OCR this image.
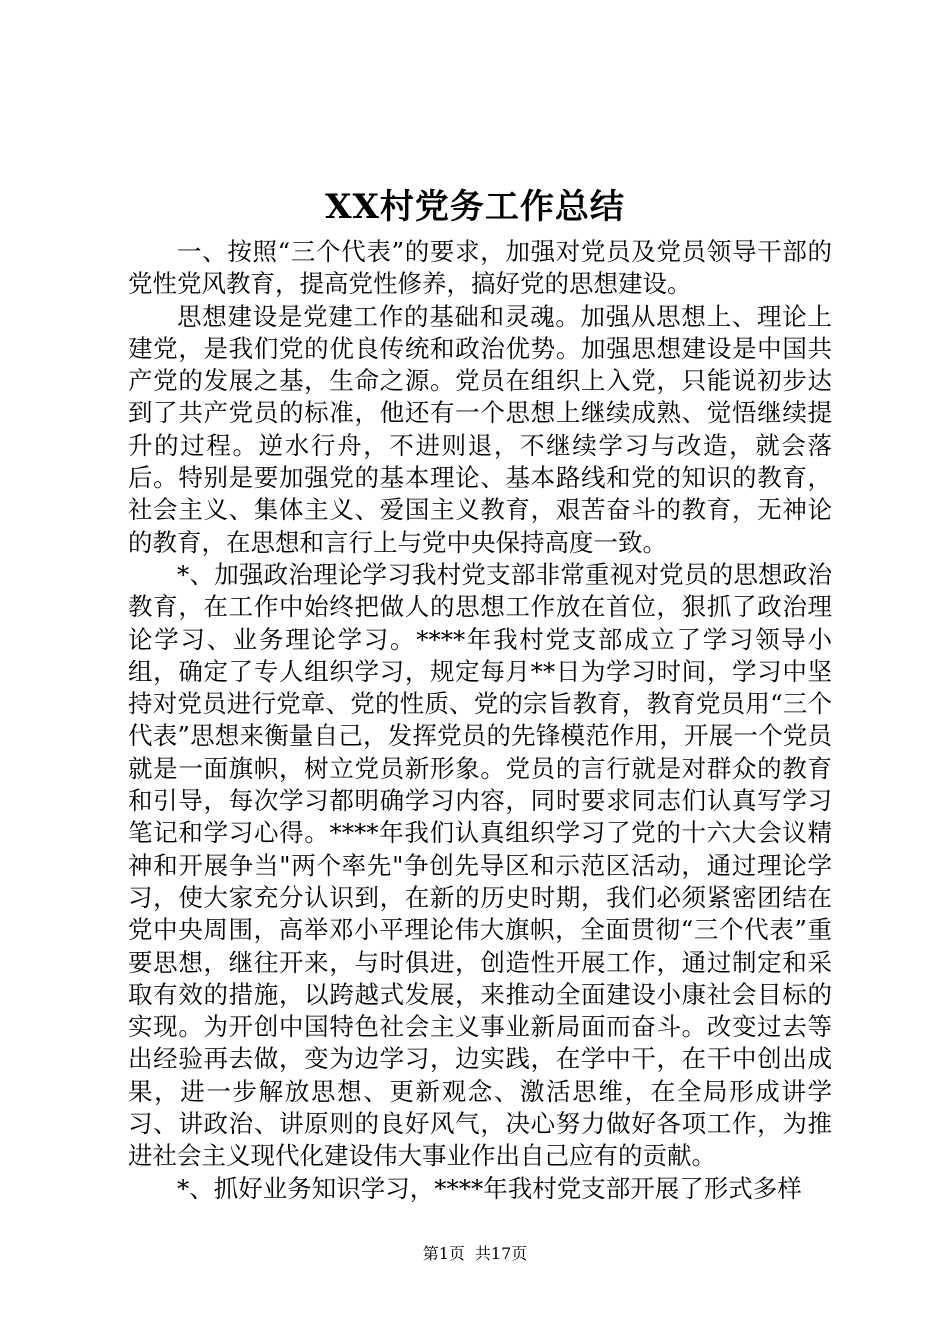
XX村党务工作总结

一、按照“三个代表”的要求，加强对党员及党员领导干部的党性党风教育，提高党性修养，搞好党的思想建设。

思想建设是党建工作的基础和灵魂。加强从思想上、理论上建党，是我们党的优良传统和政治优势。加强思想建设是中国共产党的发展之基，生命之源。党员在组织上入党，只能说初步达到了共产党员的标准，他还有一个思想上继续成熟、觉悟继续提升的过程。逆水行舟，不进则退，不继续学习与改造，就会落后。特别是要加强党的基本理论、基本路线和党的知识的教育，社会主义、集体主义、爱国主义教育，艰苦奋斗的教育，无神论的教育，在思想和言行上与党中央保持高度一致。

*、加强政治理论学习我村党支部非常重视对党员的思想政治教育，在工作中始终把做人的思想工作放在首位，狠抓了政治理论学习、业务理论学习。****年我村党支部成立了学习领导小组，确定了专人组织学习，规定每月**日为学习时间，学习中坚持对党员进行党章、党的性质、党的宗旨教育，教育党员用“三个代表”思想来衡量自己，发挥党员的先锋模范作用，开展一个党员就是一面旗帜，树立党员新形象。党员的言行就是对群众的教育和引导，每次学习都明确学习内容，同时要求同志们认真写学习笔记和学习心得。****年我们认真组织学习了党的十六大会议精神和开展争当"两个率先"争创先导区和示范区活动，通过理论学习，使大家充分认识到，在新的历史时期，我们必须紧密团结在党中央周围，高举邓小平理论伟大旗帜，全面贯彻“三个代表”重要思想，继往开来，与时俱进，创造性开展工作，通过制定和采取有效的措施，以跨越式发展，来推动全面建设小康社会目标的实现。为开创中国特色社会主义事业新局面而奋斗。改变过去等出经验再去做，变为边学习，边实践，在学中干，在干中创出成果，进一步解放思想、更新观念、激活思维，在全局形成讲学习、讲政治、讲原则的良好风气，决心努力做好各项工作，为推进社会主义现代化建设伟大事业作出自己应有的贡献。

*、抓好业务知识学习，****年我村党支部开展了形式多样

第1页 共17页
